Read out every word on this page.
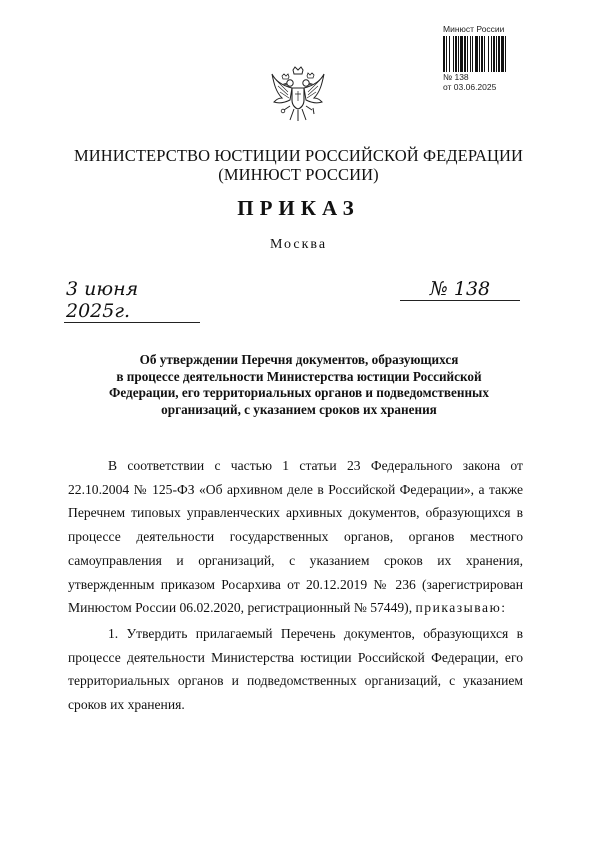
Минюст России
№ 138
от 03.06.2025
МИНИСТЕРСТВО ЮСТИЦИИ РОССИЙСКОЙ ФЕДЕРАЦИИ
(МИНЮСТ РОССИИ)
ПРИКАЗ
Москва
3 июня 2025г.
№ 138
Об утверждении Перечня документов, образующихся
в процессе деятельности Министерства юстиции Российской
Федерации, его территориальных органов и подведомственных
организаций, с указанием сроков их хранения

В соответствии с частью 1 статьи 23 Федерального закона от 22.10.2004 № 125-ФЗ «Об архивном деле в Российской Федерации», а также Перечнем типовых управленческих архивных документов, образующихся в процессе деятельности государственных органов, органов местного самоуправления и организаций, с указанием сроков их хранения, утвержденным приказом Росархива от 20.12.2019 № 236 (зарегистрирован Минюстом России 06.02.2020, регистрационный № 57449), приказываю:

1. Утвердить прилагаемый Перечень документов, образующихся в процессе деятельности Министерства юстиции Российской Федерации, его территориальных органов и подведомственных организаций, с указанием сроков их хранения.
